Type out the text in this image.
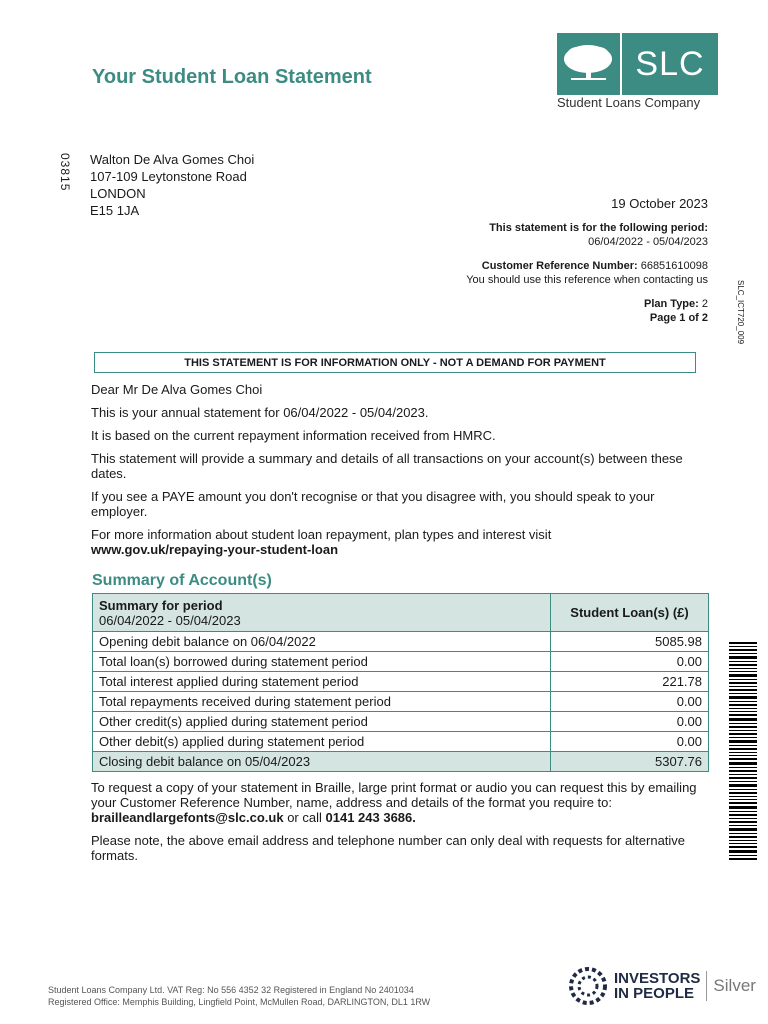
Your Student Loan Statement	SLC
Student Loans Company
03815 Walton De Alva Gomes Choi
107-109 Leytonstone Road
LONDON
E15 1JA	19 October 2023
This statement is for the following period:
06/04/2022 - 05/04/2023
Customer Reference Number: 66851610098
You should use this reference when contacting us
Plan Type: 2
Page 1 of 2	SLC_ICT720_009
THIS STATEMENT IS FOR INFORMATION ONLY - NOT A DEMAND FOR PAYMENT

Dear Mr De Alva Gomes Choi

This is your annual statement for 06/04/2022 - 05/04/2023.

It is based on the current repayment information received from HMRC.

This statement will provide a summary and details of all transactions on your account(s) between these dates.

If you see a PAYE amount you don't recognise or that you disagree with, you should speak to your employer.

For more information about student loan repayment, plan types and interest visit
www.gov.uk/repaying-your-student-loan

Summary of Account(s)
Summary for period
06/04/2022 - 05/04/2023	Student Loan(s) (£)
Opening debit balance on 06/04/2022	5085.98
Total loan(s) borrowed during statement period	0.00
Total interest applied during statement period	221.78
Total repayments received during statement period	0.00
Other credit(s) applied during statement period	0.00
Other debit(s) applied during statement period	0.00
Closing debit balance on 05/04/2023	5307.76

To request a copy of your statement in Braille, large print format or audio you can request this by emailing your Customer Reference Number, name, address and details of the format you require to: brailleandlargefonts@slc.co.uk or call 0141 243 3686.

Please note, the above email address and telephone number can only deal with requests for alternative formats.

Student Loans Company Ltd. VAT Reg: No 556 4352 32 Registered in England No 2401034
Registered Office: Memphis Building, Lingfield Point, McMullen Road, DARLINGTON, DL1 1RW
INVESTORS
IN PEOPLE	Silver
